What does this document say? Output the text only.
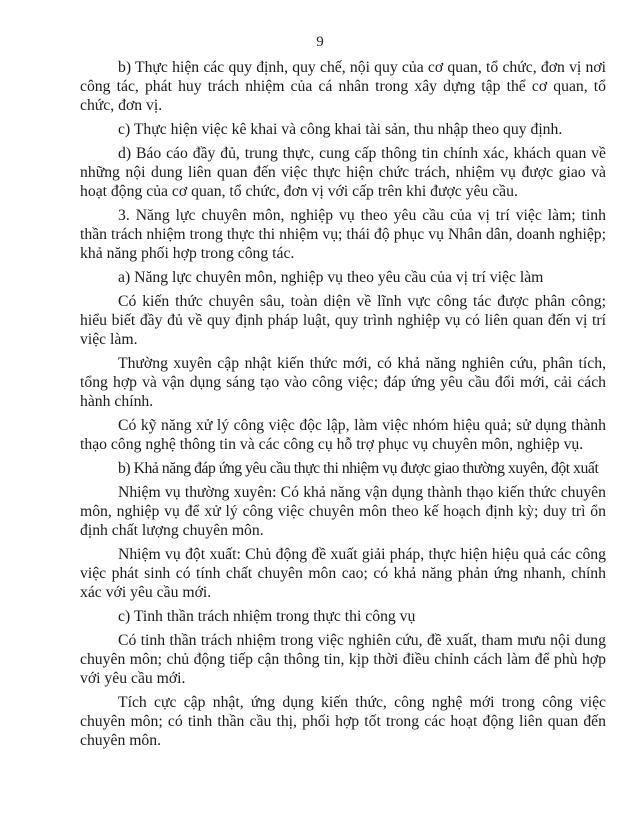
9

b) Thực hiện các quy định, quy chế, nội quy của cơ quan, tổ chức, đơn vị nơi công tác, phát huy trách nhiệm của cá nhân trong xây dựng tập thể cơ quan, tổ chức, đơn vị.

c) Thực hiện việc kê khai và công khai tài sản, thu nhập theo quy định.

d) Báo cáo đầy đủ, trung thực, cung cấp thông tin chính xác, khách quan về những nội dung liên quan đến việc thực hiện chức trách, nhiệm vụ được giao và hoạt động của cơ quan, tổ chức, đơn vị với cấp trên khi được yêu cầu.

3. Năng lực chuyên môn, nghiệp vụ theo yêu cầu của vị trí việc làm; tinh thần trách nhiệm trong thực thi nhiệm vụ; thái độ phục vụ Nhân dân, doanh nghiệp; khả năng phối hợp trong công tác.

a) Năng lực chuyên môn, nghiệp vụ theo yêu cầu của vị trí việc làm

Có kiến thức chuyên sâu, toàn diện về lĩnh vực công tác được phân công; hiểu biết đầy đủ về quy định pháp luật, quy trình nghiệp vụ có liên quan đến vị trí việc làm.

Thường xuyên cập nhật kiến thức mới, có khả năng nghiên cứu, phân tích, tổng hợp và vận dụng sáng tạo vào công việc; đáp ứng yêu cầu đổi mới, cải cách hành chính.

Có kỹ năng xử lý công việc độc lập, làm việc nhóm hiệu quả; sử dụng thành thạo công nghệ thông tin và các công cụ hỗ trợ phục vụ chuyên môn, nghiệp vụ.

b) Khả năng đáp ứng yêu cầu thực thi nhiệm vụ được giao thường xuyên, đột xuất

Nhiệm vụ thường xuyên: Có khả năng vận dụng thành thạo kiến thức chuyên môn, nghiệp vụ để xử lý công việc chuyên môn theo kế hoạch định kỳ; duy trì ổn định chất lượng chuyên môn.

Nhiệm vụ đột xuất: Chủ động đề xuất giải pháp, thực hiện hiệu quả các công việc phát sinh có tính chất chuyên môn cao; có khả năng phản ứng nhanh, chính xác với yêu cầu mới.

c) Tinh thần trách nhiệm trong thực thi công vụ

Có tinh thần trách nhiệm trong việc nghiên cứu, đề xuất, tham mưu nội dung chuyên môn; chủ động tiếp cận thông tin, kịp thời điều chỉnh cách làm để phù hợp với yêu cầu mới.

Tích cực cập nhật, ứng dụng kiến thức, công nghệ mới trong công việc chuyên môn; có tinh thần cầu thị, phối hợp tốt trong các hoạt động liên quan đến chuyên môn.
